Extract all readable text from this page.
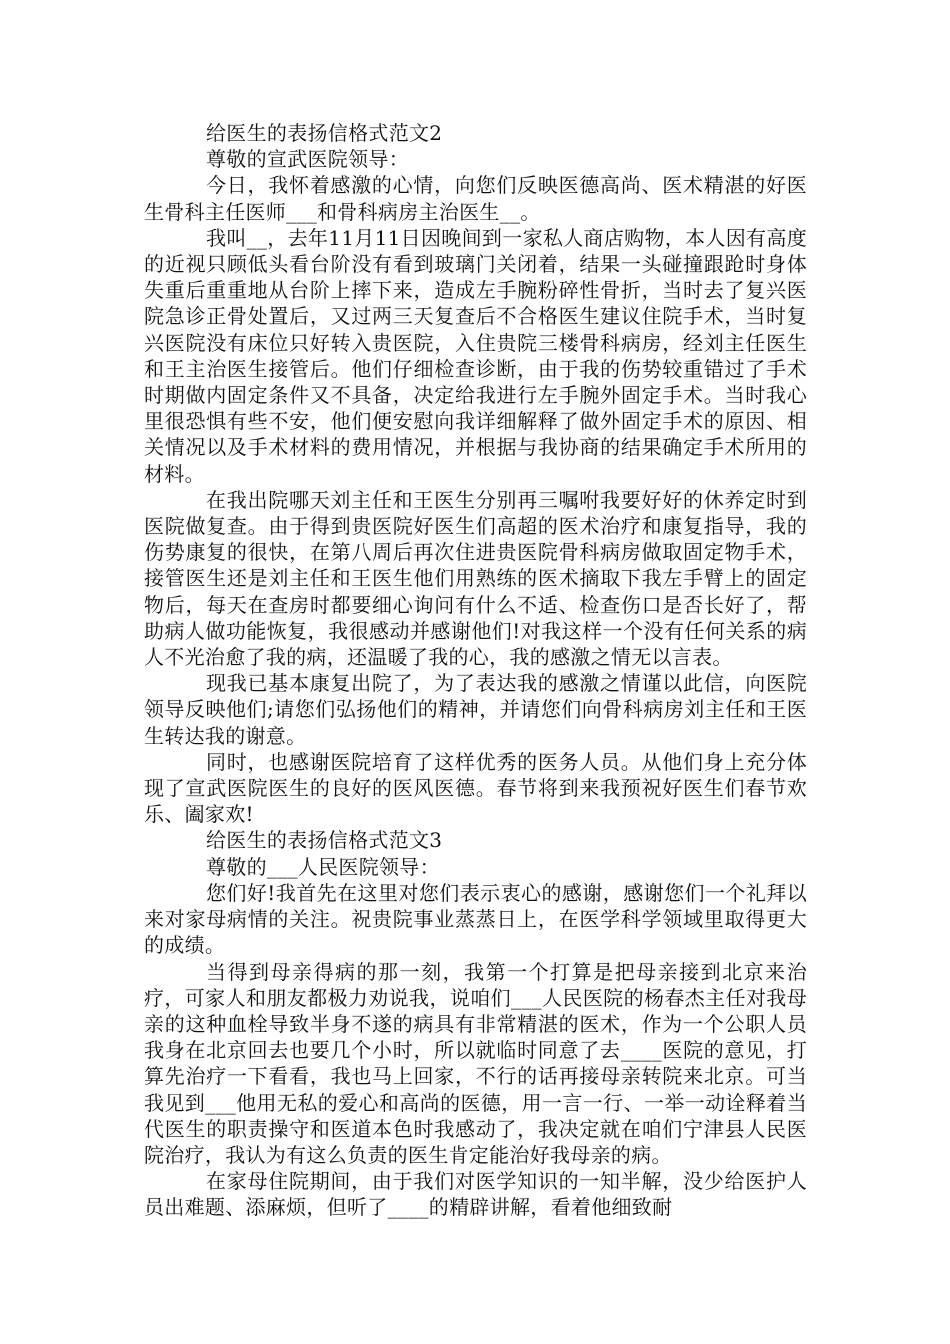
给医生的表扬信格式范文2

尊敬的宣武医院领导：

今日，我怀着感激的心情，向您们反映医德高尚、医术精湛的好医生骨科主任医师___和骨科病房主治医生__。

我叫__，去年11月11日因晚间到一家私人商店购物，本人因有高度的近视只顾低头看台阶没有看到玻璃门关闭着，结果一头碰撞跟跄时身体失重后重重地从台阶上摔下来，造成左手腕粉碎性骨折，当时去了复兴医院急诊正骨处置后，又过两三天复查后不合格医生建议住院手术，当时复兴医院没有床位只好转入贵医院，入住贵院三楼骨科病房，经刘主任医生和王主治医生接管后。他们仔细检查诊断，由于我的伤势较重错过了手术时期做内固定条件又不具备，决定给我进行左手腕外固定手术。当时我心里很恐惧有些不安，他们便安慰向我详细解释了做外固定手术的原因、相关情况以及手术材料的费用情况，并根据与我协商的结果确定手术所用的材料。

在我出院哪天刘主任和王医生分别再三嘱咐我要好好的休养定时到医院做复查。由于得到贵医院好医生们高超的医术治疗和康复指导，我的伤势康复的很快，在第八周后再次住进贵医院骨科病房做取固定物手术，接管医生还是刘主任和王医生他们用熟练的医术摘取下我左手臂上的固定物后，每天在查房时都要细心询问有什么不适、检查伤口是否长好了，帮助病人做功能恢复，我很感动并感谢他们!对我这样一个没有任何关系的病人不光治愈了我的病，还温暖了我的心，我的感激之情无以言表。

现我已基本康复出院了，为了表达我的感激之情谨以此信，向医院领导反映他们;请您们弘扬他们的精神，并请您们向骨科病房刘主任和王医生转达我的谢意。

同时，也感谢医院培育了这样优秀的医务人员。从他们身上充分体现了宣武医院医生的良好的医风医德。春节将到来我预祝好医生们春节欢乐、阖家欢!

给医生的表扬信格式范文3

尊敬的___人民医院领导：

您们好!我首先在这里对您们表示衷心的感谢，感谢您们一个礼拜以来对家母病情的关注。祝贵院事业蒸蒸日上，在医学科学领域里取得更大的成绩。

当得到母亲得病的那一刻，我第一个打算是把母亲接到北京来治疗，可家人和朋友都极力劝说我，说咱们___人民医院的杨春杰主任对我母亲的这种血栓导致半身不遂的病具有非常精湛的医术，作为一个公职人员我身在北京回去也要几个小时，所以就临时同意了去____医院的意见，打算先治疗一下看看，我也马上回家，不行的话再接母亲转院来北京。可当我见到___他用无私的爱心和高尚的医德，用一言一行、一举一动诠释着当代医生的职责操守和医道本色时我感动了，我决定就在咱们宁津县人民医院治疗，我认为有这么负责的医生肯定能治好我母亲的病。

在家母住院期间，由于我们对医学知识的一知半解，没少给医护人员出难题、添麻烦，但听了____的精辟讲解，看着他细致耐
